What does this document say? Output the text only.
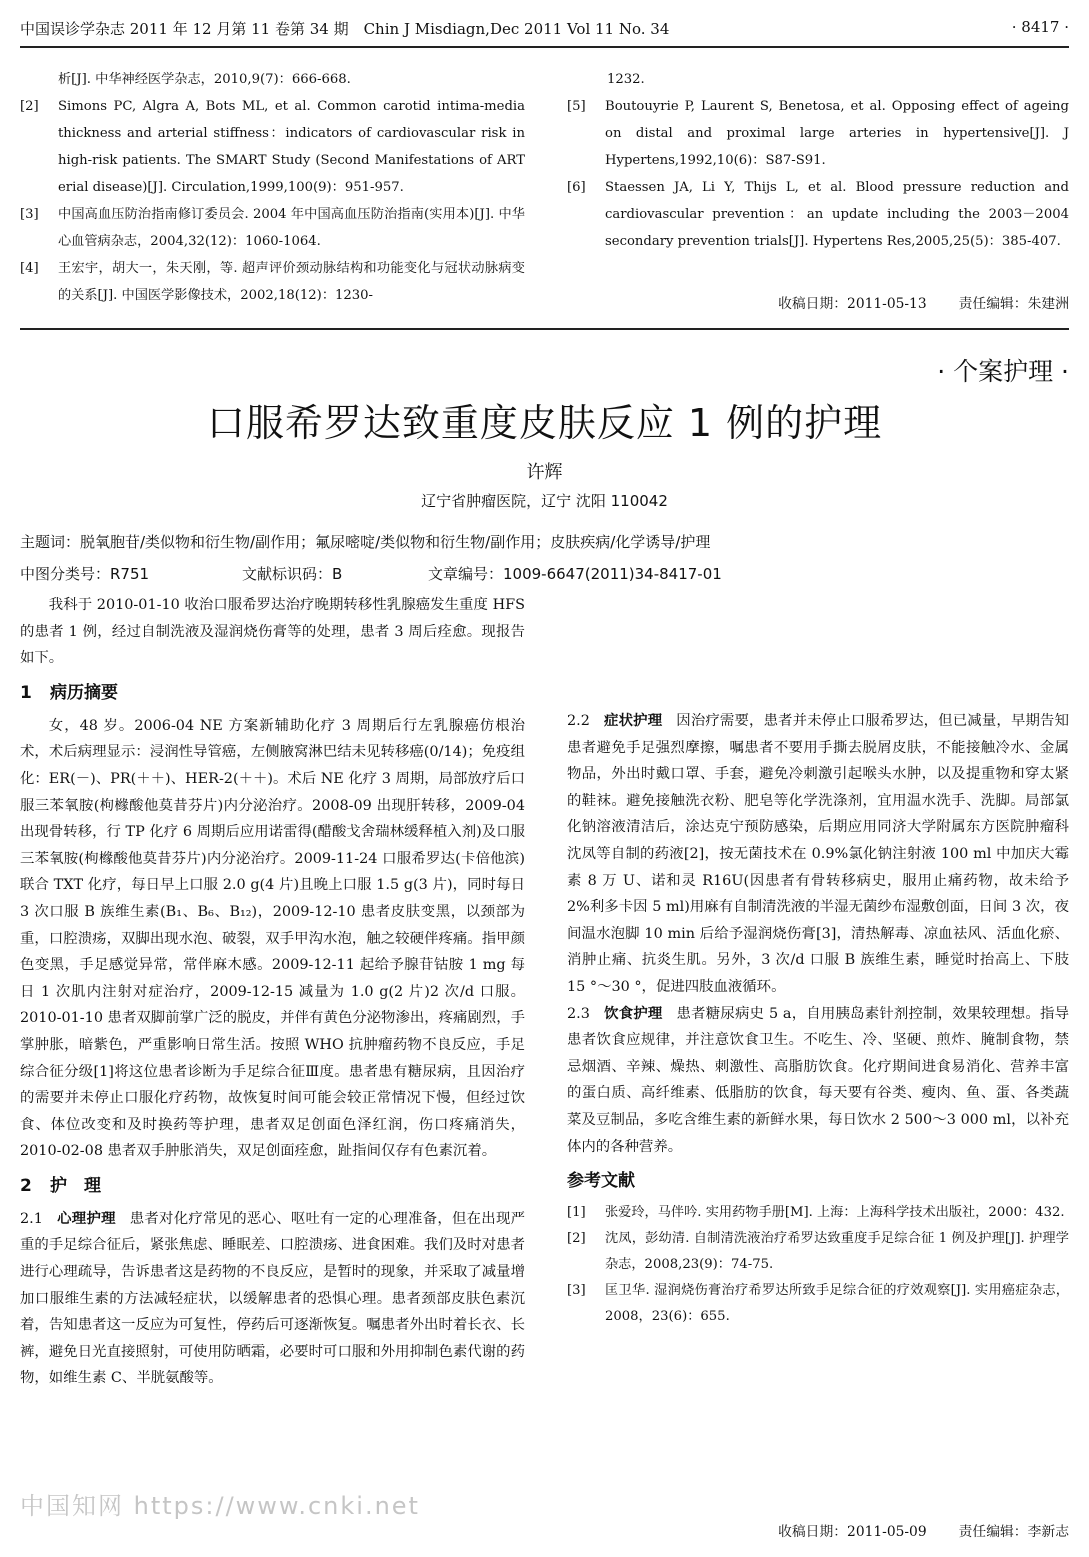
中国误诊学杂志 2011 年 12 月第 11 卷第 34 期　Chin J Misdiagn,Dec 2011 Vol 11 No. 34	· 8417 ·
析[J]. 中华神经医学杂志，2010,9(7)：666-668.
[2]	Simons PC, Algra A, Bots ML, et al. Common carotid intima-media thickness and arterial stiffness：indicators of cardiovascular risk in high-risk patients. The SMART Study (Second Manifestations of ART erial disease)[J]. Circulation,1999,100(9)：951-957.
[3]	中国高血压防治指南修订委员会. 2004 年中国高血压防治指南(实用本)[J]. 中华心血管病杂志，2004,32(12)：1060-1064.
[4]	王宏宇，胡大一，朱天刚，等. 超声评价颈动脉结构和功能变化与冠状动脉病变的关系[J]. 中国医学影像技术，2002,18(12)：1230-
1232.
[5]	Boutouyrie P, Laurent S, Benetosa, et al. Opposing effect of ageing on distal and proximal large arteries in hypertensive[J]. J Hypertens,1992,10(6)：S87-S91.
[6]	Staessen JA, Li Y, Thijs L, et al. Blood pressure reduction and cardiovascular prevention：an update including the 2003－2004 secondary prevention trials[J]. Hypertens Res,2005,25(5)：385-407.
收稿日期：2011-05-13 责任编辑：朱建洲
· 个案护理 ·
口服希罗达致重度皮肤反应 1 例的护理
许辉
辽宁省肿瘤医院，辽宁 沈阳 110042
主题词：脱氧胞苷/类似物和衍生物/副作用；氟尿嘧啶/类似物和衍生物/副作用；皮肤疾病/化学诱导/护理
中图分类号：R751	文献标识码：B	文章编号：1009-6647(2011)34-8417-01

我科于 2010-01-10 收治口服希罗达治疗晚期转移性乳腺癌发生重度 HFS 的患者 1 例，经过自制洗液及湿润烧伤膏等的处理，患者 3 周后痊愈。现报告如下。

1 病历摘要

女，48 岁。2006-04 NE 方案新辅助化疗 3 周期后行左乳腺癌仿根治术，术后病理显示：浸润性导管癌，左侧腋窝淋巴结未见转移癌(0/14)；免疫组化：ER(－)、PR(＋＋)、HER-2(＋＋)。术后 NE 化疗 3 周期，局部放疗后口服三苯氧胺(枸橼酸他莫昔芬片)内分泌治疗。2008-09 出现肝转移，2009-04 出现骨转移，行 TP 化疗 6 周期后应用诺雷得(醋酸戈舍瑞林缓释植入剂)及口服三苯氧胺(枸橼酸他莫昔芬片)内分泌治疗。2009-11-24 口服希罗达(卡倍他滨)联合 TXT 化疗，每日早上口服 2.0 g(4 片)且晚上口服 1.5 g(3 片)，同时每日 3 次口服 B 族维生素(B₁、B₆、B₁₂)，2009-12-10 患者皮肤变黑，以颈部为重，口腔溃疡，双脚出现水泡、破裂，双手甲沟水泡，触之较硬伴疼痛。指甲颜色变黑，手足感觉异常，常伴麻木感。2009-12-11 起给予腺苷钴胺 1 mg 每日 1 次肌内注射对症治疗，2009-12-15 减量为 1.0 g(2 片)2 次/d 口服。2010-01-10 患者双脚前掌广泛的脱皮，并伴有黄色分泌物渗出，疼痛剧烈，手掌肿胀，暗紫色，严重影响日常生活。按照 WHO 抗肿瘤药物不良反应，手足综合征分级[1]将这位患者诊断为手足综合征Ⅲ度。患者患有糖尿病，且因治疗的需要并未停止口服化疗药物，故恢复时间可能会较正常情况下慢，但经过饮食、体位改变和及时换药等护理，患者双足创面色泽红润，伤口疼痛消失，2010-02-08 患者双手肿胀消失，双足创面痊愈，趾指间仅存有色素沉着。

2 护　理

2.1 心理护理 患者对化疗常见的恶心、呕吐有一定的心理准备，但在出现严重的手足综合征后，紧张焦虑、睡眠差、口腔溃疡、进食困难。我们及时对患者进行心理疏导，告诉患者这是药物的不良反应，是暂时的现象，并采取了减量增加口服维生素的方法减轻症状，以缓解患者的恐惧心理。患者颈部皮肤色素沉着，告知患者这一反应为可复性，停药后可逐渐恢复。嘱患者外出时着长衣、长裤，避免日光直接照射，可使用防晒霜，必要时可口服和外用抑制色素代谢的药物，如维生素 C、半胱氨酸等。

2.2 症状护理 因治疗需要，患者并未停止口服希罗达，但已减量，早期告知患者避免手足强烈摩擦，嘱患者不要用手撕去脱屑皮肤，不能接触冷水、金属物品，外出时戴口罩、手套，避免冷刺激引起喉头水肿，以及提重物和穿太紧的鞋袜。避免接触洗衣粉、肥皂等化学洗涤剂，宜用温水洗手、洗脚。局部氯化钠溶液清洁后，涂达克宁预防感染，后期应用同济大学附属东方医院肿瘤科沈凤等自制的药液[2]，按无菌技术在 0.9%氯化钠注射液 100 ml 中加庆大霉素 8 万 U、诺和灵 R16U(因患者有骨转移病史，服用止痛药物，故未给予 2%利多卡因 5 ml)用麻有自制清洗液的半湿无菌纱布湿敷创面，日间 3 次，夜间温水泡脚 10 min 后给予湿润烧伤膏[3]，清热解毒、凉血祛风、活血化瘀、消肿止痛、抗炎生肌。另外，3 次/d 口服 B 族维生素，睡觉时抬高上、下肢 15 °～30 °，促进四肢血液循环。

2.3 饮食护理 患者糖尿病史 5 a，自用胰岛素针剂控制，效果较理想。指导患者饮食应规律，并注意饮食卫生。不吃生、冷、坚硬、煎炸、腌制食物，禁忌烟酒、辛辣、燥热、刺激性、高脂肪饮食。化疗期间进食易消化、营养丰富的蛋白质、高纤维素、低脂肪的饮食，每天要有谷类、瘦肉、鱼、蛋、各类蔬菜及豆制品，多吃含维生素的新鲜水果，每日饮水 2 500～3 000 ml，以补充体内的各种营养。

参考文献

[1]	张爱玲，马伴吟. 实用药物手册[M]. 上海：上海科学技术出版社，2000：432.
[2]	沈凤，彭幼清. 自制清洗液治疗希罗达致重度手足综合征 1 例及护理[J]. 护理学杂志，2008,23(9)：74-75.
[3]	匡卫华. 湿润烧伤膏治疗希罗达所致手足综合征的疗效观察[J]. 实用癌症杂志，2008，23(6)：655.
收稿日期：2011-05-09 责任编辑：李新志
中国知网 https://www.cnki.net
